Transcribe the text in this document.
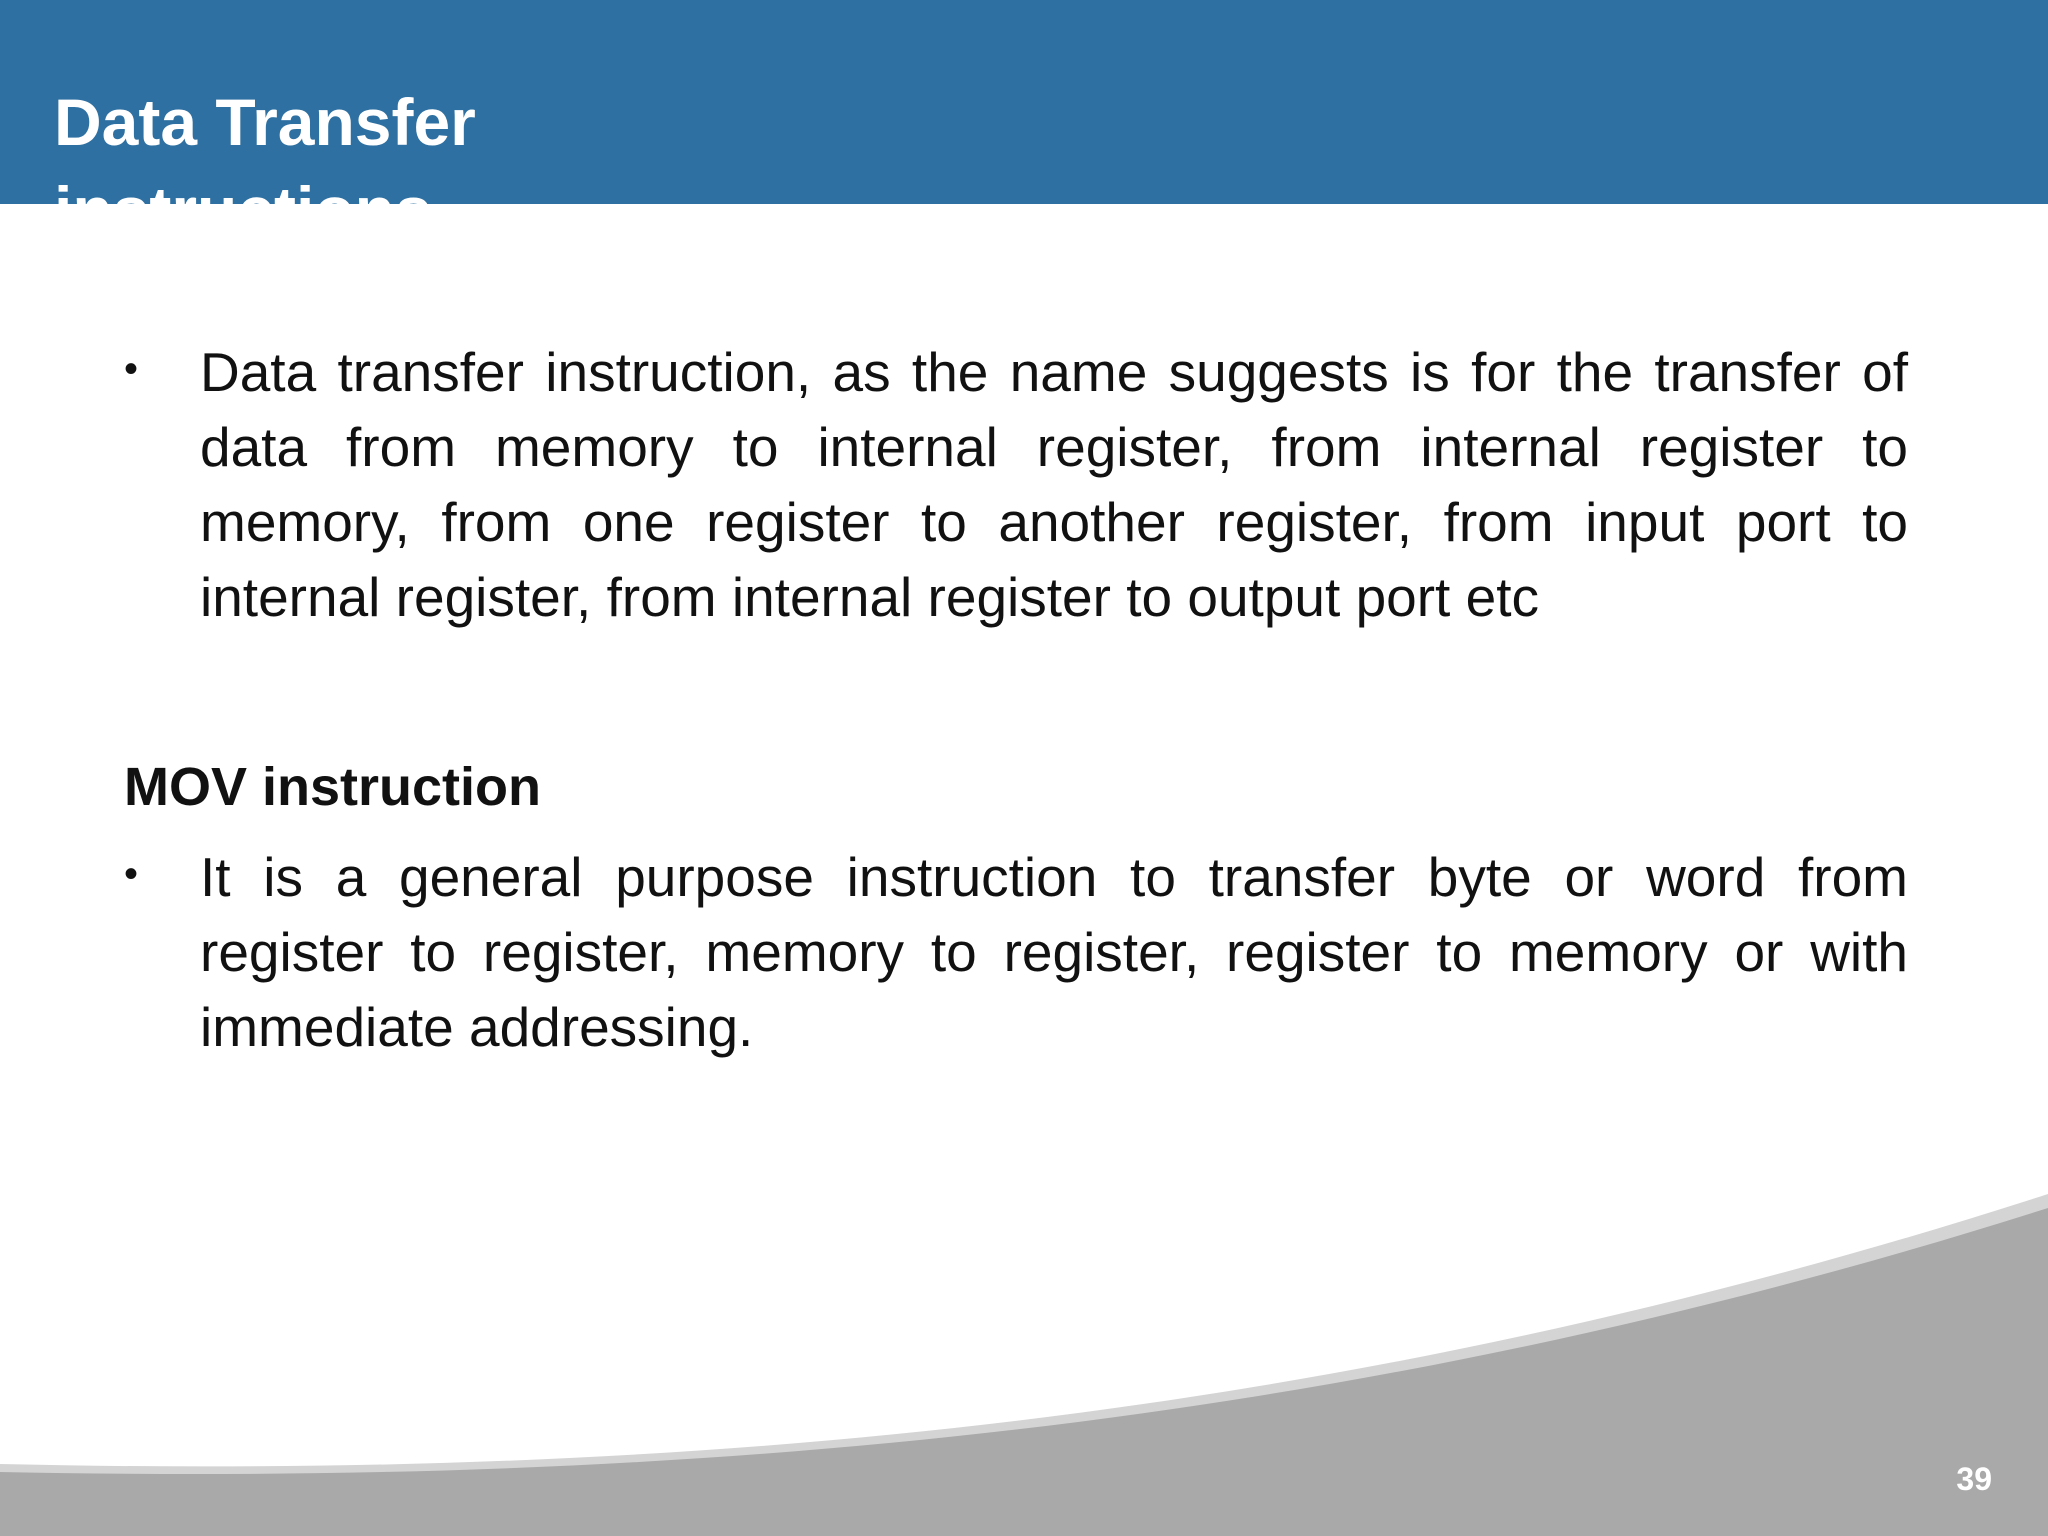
Data Transfer instructions
• Data transfer instruction, as the name suggests is for the transfer of data from memory to internal register, from internal register to memory, from one register to another register, from input port to internal register, from internal register to output port etc

MOV instruction
• It is a general purpose instruction to transfer byte or word from register to register, memory to register, register to memory or with immediate addressing.

39
